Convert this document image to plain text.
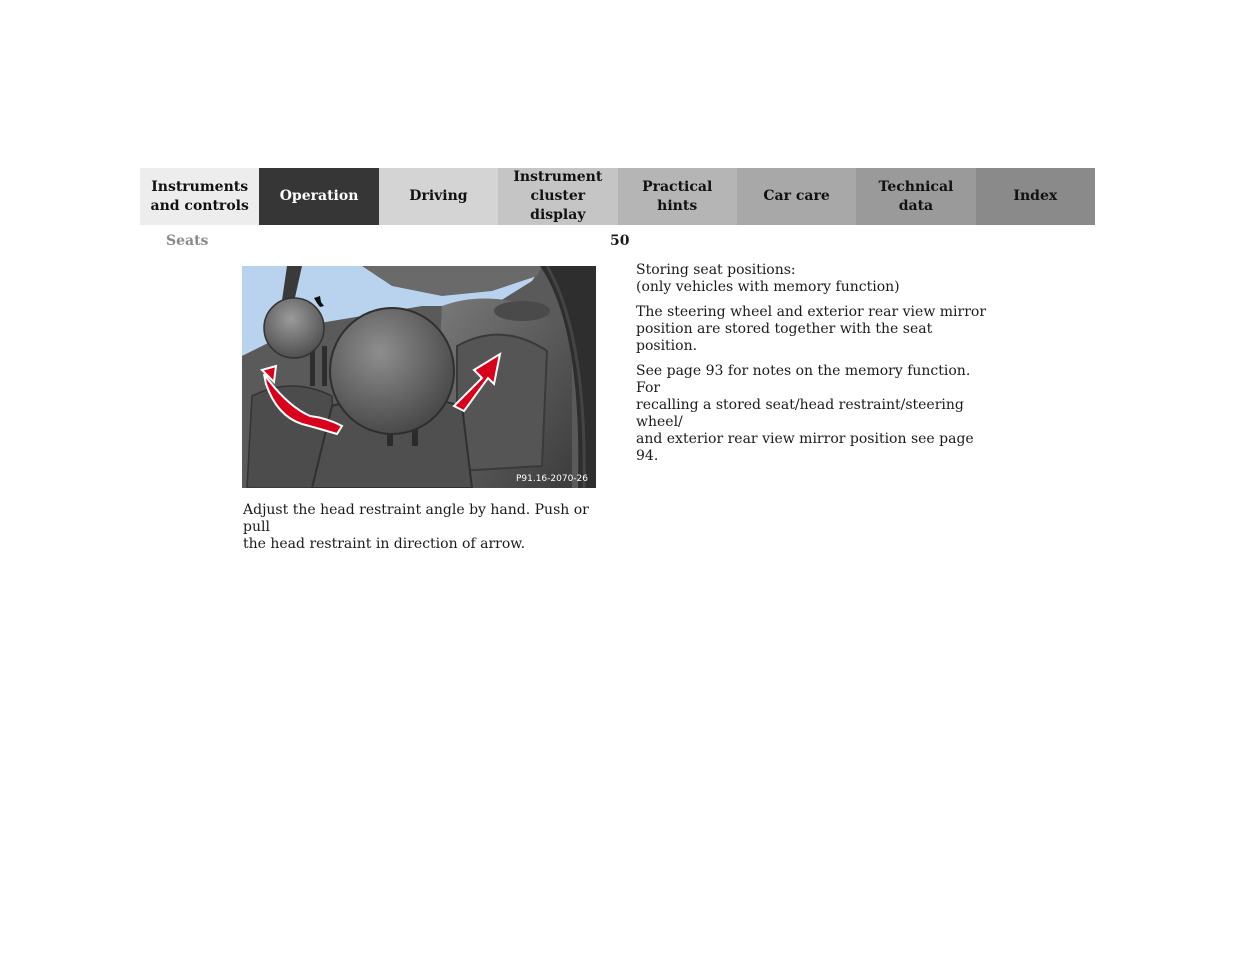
Instruments
and controls
Operation	Driving
Instrument
cluster display
Practical hints
Car care
Technical
data
Index
Seats	50
P91.16-2070-26
Adjust the head restraint angle by hand. Push or pull
the head restraint in direction of arrow.

Storing seat positions:
(only vehicles with memory function)

The steering wheel and exterior rear view mirror
position are stored together with the seat position.

See page 93 for notes on the memory function. For
recalling a stored seat/head restraint/steering wheel/
and exterior rear view mirror position see page 94.
